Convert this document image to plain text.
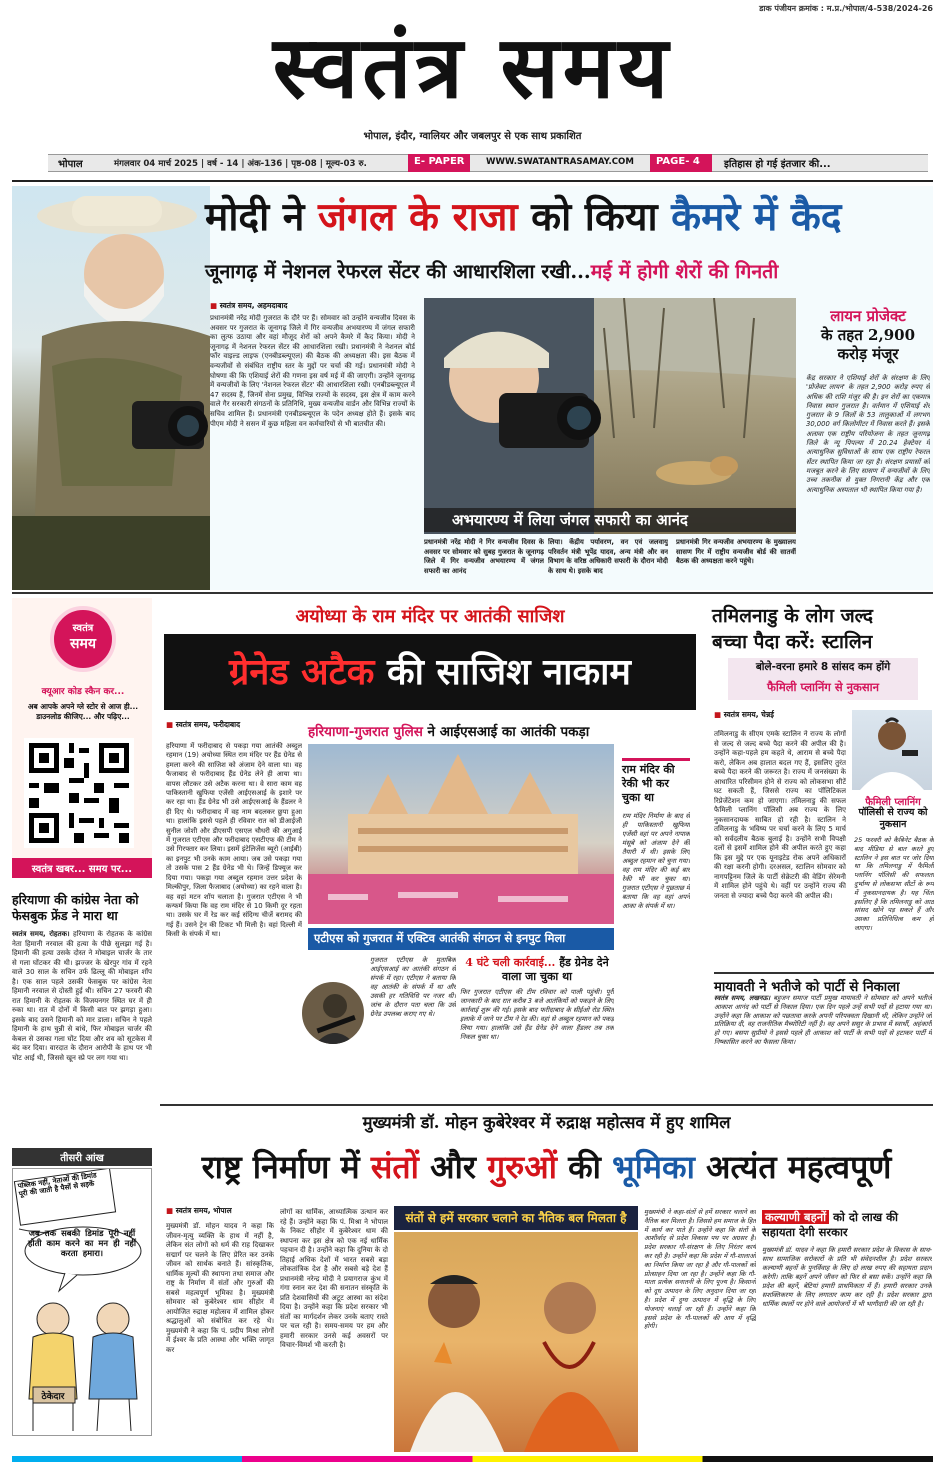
डाक पंजीयन क्रमांक : म.प्र./भोपाल/4-538/2024-26
स्वतंत्र समय
भोपाल, इंदौर, ग्वालियर और जबलपुर से एक साथ प्रकाशित
भोपाल	मंगलवार 04 मार्च 2025 | वर्ष - 14 | अंक-136 | पृष्ठ-08 | मूल्य-03 रु.	E- PAPER	WWW.SWATANTRASAMAY.COM	PAGE- 4	इतिहास हो गई इंतजार की...
मोदी ने जंगल के राजा को किया कैमरे में कैद
जूनागढ़ में नेशनल रेफरल सेंटर की आधारशिला रखी...मई में होगी शेरों की गिनती
■ स्वतंत्र समय, अहमदाबाद
प्रधानमंत्री नरेंद्र मोदी गुजरात के दौरे पर हैं। सोमवार को उन्होंने वन्यजीव दिवस के अवसर पर गुजरात के जूनागढ़ जिले में गिर वन्यजीव अभयारण्य में जंगल सफारी का लुत्फ उठाया और वहां मौजूद शेरों को अपने कैमरे में कैद किया। मोदी ने जूनागढ़ में नेशनल रेफरल सेंटर की आधारशिला रखी। प्रधानमंत्री ने नेशनल बोर्ड फॉर वाइल्ड लाइफ (एनबीडब्ल्यूएल) की बैठक की अध्यक्षता की। इस बैठक में वन्यजीवों से संबंधित राष्ट्रीय स्तर के मुद्दों पर चर्चा की गई। प्रधानमंत्री मोदी ने घोषणा की कि एशियाई शेरों की गणना इस वर्ष मई में की जाएगी। उन्होंने जूनागढ़ में वन्यजीवों के लिए 'नेशनल रेफरल सेंटर' की आधारशिला रखी। एनबीडब्ल्यूएल में 47 सदस्य हैं, जिनमें सेना प्रमुख, विभिन्न राज्यों के सदस्य, इस क्षेत्र में काम करने वाले गैर सरकारी संगठनों के प्रतिनिधि, मुख्य वन्यजीव वार्डन और विभिन्न राज्यों के सचिव शामिल हैं। प्रधानमंत्री एनबीडब्ल्यूएल के पदेन अध्यक्ष होते हैं। इसके बाद पीएम मोदी ने ससन में कुछ महिला वन कर्मचारियों से भी बातचीत की।
अभयारण्य में लिया जंगल सफारी का आनंद
प्रधानमंत्री नरेंद्र मोदी ने गिर वन्यजीव दिवस के अवसर पर सोमवार को सुबह गुजरात के जूनागढ़ जिले में गिर वन्यजीव अभयारण्य में जंगल सफारी का आनंद
लिया। केंद्रीय पर्यावरण, वन एवं जलवायु परिवर्तन मंत्री भूपेंद्र यादव, अन्य मंत्री और वन विभाग के वरिष्ठ अधिकारी सफारी के दौरान मोदी के साथ थे। इसके बाद
प्रधानमंत्री गिर वन्यजीव अभयारण्य के मुख्यालय सासण गिर में राष्ट्रीय वन्यजीव बोर्ड की सातवीं बैठक की अध्यक्षता करने पहुंचे।
लायन प्रोजेक्ट
के तहत 2,900 करोड़ मंजूर
केंद्र सरकार ने एशियाई शेरों के संरक्षण के लिए 'प्रोजेक्ट लायन' के तहत 2,900 करोड़ रुपए से अधिक की राशि मंजूर की है। इन शेरों का एकमात्र निवास स्थान गुजरात है। वर्तमान में एशियाई शेर गुजरात के 9 जिलों के 53 तालुकाओं में लगभग 30,000 वर्ग किलोमीटर में निवास करते हैं। इसके अलावा एक राष्ट्रीय परियोजना के तहत जूनागढ़ जिले के न्यू पिपल्या में 20.24 हेक्टेयर में अत्याधुनिक सुविधाओं के साथ एक राष्ट्रीय रेफरल सेंटर स्थापित किया जा रहा है। संरक्षण प्रयासों को मजबूत करने के लिए सासण में वन्यजीवों के लिए उच्च तकनीक से युक्त निगरानी केंद्र और एक अत्याधुनिक अस्पताल भी स्थापित किया गया है।
स्वतंत्र
समय
क्यूआर कोड स्कैन कर...
अब आपके अपने ग्ले स्टोर से आज ही... डाउनलोड कीजिए... और पढ़िए...
स्वतंत्र खबर... समय पर...
हरियाणा की कांग्रेस नेता को फेसबुक फ्रेंड ने मारा था
स्वतंत्र समय, रोहतक। हरियाणा के रोहतक के कांग्रेस नेता हिमानी नरवाल की हत्या के पीछे सुलझा गई है। हिमानी की हत्या उसके दोस्त ने मोबाइल चार्जर के तार से गला घोंटकर की थी। झज्जर के खेरपुर गांव में रहने वाले 30 साल के सचिन उर्फ ढिल्लू की मोबाइल शॉप है। एक साल पहले उसकी फेसबुक पर कांग्रेस नेता हिमानी नरवाल से दोस्ती हुई थी। सचिन 27 फरवरी की रात हिमानी के रोहतक के विजयनगर स्थित घर में ही रुका था। रात में दोनों में किसी बात पर झगड़ा हुआ। इसके बाद उसने हिमानी को मार डाला। सचिन ने पहले हिमानी के हाथ चुन्नी से बांधे, फिर मोबाइल चार्जर की केबल से उसका गला घोंट दिया और शव को सूटकेस में बंद कर दिया। वारदात के दौरान आरोपी के हाथ पर भी चोट आई थी, जिससे खून स्प्रे पर लग गया था।
तीसरी आंख
पब्लिक नहीं, नेताओं की डिमांड पूरी की जाती है पैसों से सड़कें
जब तक सबकी डिमांड पूरी नहीं होती काम करने का मन ही नहीं करता हमारा।
ठेकेदार
अयोध्या के राम मंदिर पर आतंकी साजिश
ग्रेनेड अटैक की साजिश नाकाम
■ स्वतंत्र समय, फरीदाबाद	हरियाणा-गुजरात पुलिस ने आईएसआई का आतंकी पकड़ा
हरियाणा में फरीदाबाद से पकड़ा गया आतंकी अब्दुल रहमान (19) अयोध्या स्थित राम मंदिर पर हैंड ग्रेनेड से हमला करने की साजिश को अंजाम देने वाला था। वह फैजाबाद से फरीदाबाद हैंड ग्रेनेड लेने ही आया था। वापस लौटकर उसे अटैक करना था। वे सारा काम वह पाकिस्तानी खुफिया एजेंसी आईएसआई के इशारे पर कर रहा था। हैंड ग्रेनेड भी उसे आईएसआई के हैंडलर ने ही दिए थे। फरीदाबाद में वह नाम बदलकर छुपा हुआ था। हालांकि इससे पहले ही रविवार रात को डीआईजी सुनील जोशी और डीएसपी एसएल चौधरी की अगुआई में गुजरात एटीएस और फरीदाबाद एसटीएफ की टीम ने उसे गिरफ्तार कर लिया। इसमें इंटेलिजेंस ब्यूरो (आईबी) का इनपुट भी उनके काम आया। जब उसे पकड़ा गया तो उसके पास 2 हैंड ग्रेनेड भी थे। जिन्हें डिफ्यूज कर दिया गया। पकड़ा गया अब्दुल रहमान उत्तर प्रदेश के मिल्कीपुर, जिला फैजाबाद (अयोध्या) का रहने वाला है। वह वहां मटन शॉप चलाता है। गुजरात एटीएस ने भी कन्फर्म किया कि वह राम मंदिर से 10 किमी दूर रहता था। उसके घर में रेड कर कई संदिग्ध चीजें बरामद की गई हैं। उसने ट्रेन की टिकट भी मिली है। वहां दिल्ली में किसी के संपर्क में था।
राम मंदिर की रेकी भी कर चुका था
राम मंदिर निर्माण के बाद से ही पाकिस्तानी खुफिया एजेंसी वहां पर अपने नापाक मंसूबे को अंजाम देने की तैयारी में थी। इसके लिए अब्दुल रहमान को चुना गया। वह राम मंदिर की कई बार रेकी भी कर चुका था। गुजरात एटीएस ने पूछताछ में बताया कि वह वहां अपने आका के संपर्क में था।
एटीएस को गुजरात में एक्टिव आतंकी संगठन से इनपुट मिला
गुजरात एटीएस के मुताबिक आईएसआई का आतंकी संगठन से संपर्क में रहा। एटीएस ने बताया कि वह आतंकी के संपर्क में था और उसकी हर गतिविधि पर नजर थी। जांच के दौरान पता चला कि उसे ग्रेनेड उपलब्ध कराए गए थे।
4 घंटे चली कार्रवाई... हैंड ग्रेनेड देने वाला जा चुका था
फिर गुजरात एटीएस की टीम रविवार को पाली पहुंची। पूरी जानकारी के बाद रात करीब 3 बजे आतंकियों को पकड़ने के लिए कार्रवाई शुरू की गई। इसके बाद फरीदाबाद के सीईओ रोड स्थित इलाके में जाने पर टीम ने रेड की। वहां से अब्दुल रहमान को पकड़ लिया गया। हालांकि उसे हैंड ग्रेनेड देने वाला हैंडलर तब तक निकल चुका था।
तमिलनाडु के लोग जल्द
बच्चा पैदा करें: स्टालिन
बोले-वरना हमारे 8 सांसद कम होंगे
फैमिली प्लानिंग से नुकसान
■ स्वतंत्र समय, चेन्नई
तमिलनाडु के सीएम एमके स्टालिन ने राज्य के लोगों से जल्द से जल्द बच्चे पैदा करने की अपील की है। उन्होंने कहा-पहले हम कहते थे, आराम से बच्चे पैदा करो, लेकिन अब हालात बदल गए हैं, इसलिए तुरंत बच्चे पैदा करने की जरूरत है। राज्य में जनसंख्या के आधारित परिसीमन होने से राज्य को लोकसभा सीटें घट सकती हैं, जिससे राज्य का पॉलिटिकल रिप्रेजेंटेशन कम हो जाएगा। तमिलनाडु की सफल फैमिली प्लानिंग पॉलिसी अब राज्य के लिए नुकसानदायक साबित हो रही है। स्टालिन ने तमिलनाडु के भविष्य पर चर्चा करने के लिए 5 मार्च को सर्वदलीय बैठक बुलाई है। उन्होंने सभी विपक्षी दलों से इसमें शामिल होने की अपील करते हुए कहा कि इस मुद्दे पर एक यूनाइटेड रोक अपने अधिकारों की रक्षा करनी होगी। दरअसल, स्टालिन सोमवार को नागपट्टिनम जिले के पार्टी सेक्रेटरी की वेडिंग सेरेमनी में शामिल होने पहुंचे थे। वहीं पर उन्होंने राज्य की जनता से ज्यादा बच्चे पैदा करने की अपील की।
फैमिली प्लानिंग
पॉलिसी से राज्य को नुकसान
25 फरवरी को कैबिनेट बैठक के बाद मीडिया से बात करते हुए स्टालिन ने इस बात पर जोर दिया था कि तमिलनाडु में फैमिली प्लानिंग पॉलिसी की सफलता दुर्भाग्य से लोकसभा सीटों के रूप में नुकसानदायक है। यह चिंता इसलिए है कि तमिलनाडु को आठ सांसद खोने पड़ सकते हैं और उसका प्रतिनिधित्व कम हो जाएगा।
मायावती ने भतीजे को पार्टी से निकाला
स्वतंत्र समय, लखनऊ। बहुजन समाज पार्टी प्रमुख मायावती ने सोमवार को अपने भतीजे आकाश आनंद को पार्टी से निकाल दिया। एक दिन पहले उन्हें सभी पदों से हटाया गया था। उन्होंने कहा कि आकाश को पछतावा करके अपनी परिपक्वता दिखानी थी, लेकिन उन्होंने जो प्रतिक्रिया दी, वह राजनीतिक मैच्योरिटी नहीं है। वह अपने ससुर के प्रभाव में स्वार्थी, अहंकारी हो गए। बसपा सुप्रीमो ने इससे पहले ही आकाश को पार्टी के सभी पदों से हटाकर पार्टी में निष्कासित करने का फैसला किया।
मुख्यमंत्री डॉ. मोहन कुबेरेश्वर में रुद्राक्ष महोत्सव में हुए शामिल
राष्ट्र निर्माण में संतों और गुरुओं की भूमिका अत्यंत महत्वपूर्ण
■ स्वतंत्र समय, भोपाल
मुख्यमंत्री डॉ. मोहन यादव ने कहा कि जीवन-मृत्यु व्यक्ति के हाथ में नहीं है, लेकिन संत लोगों को धर्म की राह दिखाकर सद्मार्ग पर चलने के लिए प्रेरित कर उनके जीवन को सार्थक बनाते हैं। सांस्कृतिक, धार्मिक मूल्यों की स्थापना तथा समाज और राष्ट्र के निर्माण में संतों और गुरुओं की सबसे महत्वपूर्ण भूमिका है। मुख्यमंत्री सोमवार को कुबेरेश्वर धाम सीहोर में आयोजित रुद्राक्ष महोत्सव में शामिल होकर श्रद्धालुओं को संबोधित कर रहे थे। मुख्यमंत्री ने कहा कि पं. प्रदीप मिश्रा लोगों में ईश्वर के प्रति आस्था और भक्ति जागृत कर
लोगों का धार्मिक, आध्यात्मिक उत्थान कर रहे हैं। उन्होंने कहा कि पं. मिश्रा ने भोपाल के निकट सीहोर में कुबेरेश्वर धाम की स्थापना कर इस क्षेत्र को एक नई धार्मिक पहचान दी है। उन्होंने कहा कि दुनिया के दो तिहाई अधिक देशों में भारत सबसे बड़ा लोकतांत्रिक देश है और सबसे बड़े देश हैं प्रधानमंत्री नरेन्द्र मोदी ने प्रयागराज कुंभ में गंगा स्नान कर देश की सनातन संस्कृति के प्रति देशवासियों की अटूट आस्था का संदेश दिया है। उन्होंने कहा कि प्रदेश सरकार भी संतों का मार्गदर्शन लेकर उनके बताए रास्ते पर चल रही है। समय-समय पर हम और हमारी सरकार उनसे कई अवसरों पर विचार-विमर्श भी करती है।
संतों से हमें सरकार चलाने का नैतिक बल मिलता है	मुख्यमंत्री ने कहा-संतों से हमें सरकार चलाने का नैतिक बल मिलता है। जिससे हम समाज के हित में कार्य कर पाते हैं। उन्होंने कहा कि संतों के आशीर्वाद से प्रदेश विकास पथ पर अग्रसर है। प्रदेश सरकार गौ-संरक्षण के लिए निरंतर कार्य कर रही है। उन्होंने कहा कि प्रदेश में गौ-शालाओं का निर्माण किया जा रहा है और गौ-पालकों को प्रोत्साहन दिया जा रहा है। उन्होंने कहा कि गौ-माता प्रत्येक सनातनी के लिए पूज्य है। किसानों को दूध उत्पादन के लिए अनुदान दिया जा रहा है। प्रदेश में दुग्ध उत्पादन में वृद्धि के लिए योजनाएं चलाई जा रही हैं। उन्होंने कहा कि इससे प्रदेश के गौ-पालकों की आय में वृद्धि होगी।
कल्याणी बहनों को दो लाख की सहायता देगी सरकार
मुख्यमंत्री डॉ. यादव ने कहा कि हमारी सरकार प्रदेश के विकास के साथ-साथ सामाजिक सरोकारों के प्रति भी संवेदनशील है। प्रदेश सरकार कल्याणी बहनों के पुनर्विवाह के लिए दो लाख रुपए की सहायता प्रदान करेगी। ताकि बहनें अपने जीवन को फिर से बसा सकें। उन्होंने कहा कि प्रदेश की बहनें, बेटियां हमारी प्राथमिकता में हैं। हमारी सरकार उनके सशक्तिकरण के लिए लगातार काम कर रही है। प्रदेश सरकार द्वारा धार्मिक स्थलों पर होने वाले आयोजनों में भी भागीदारी की जा रही है।
